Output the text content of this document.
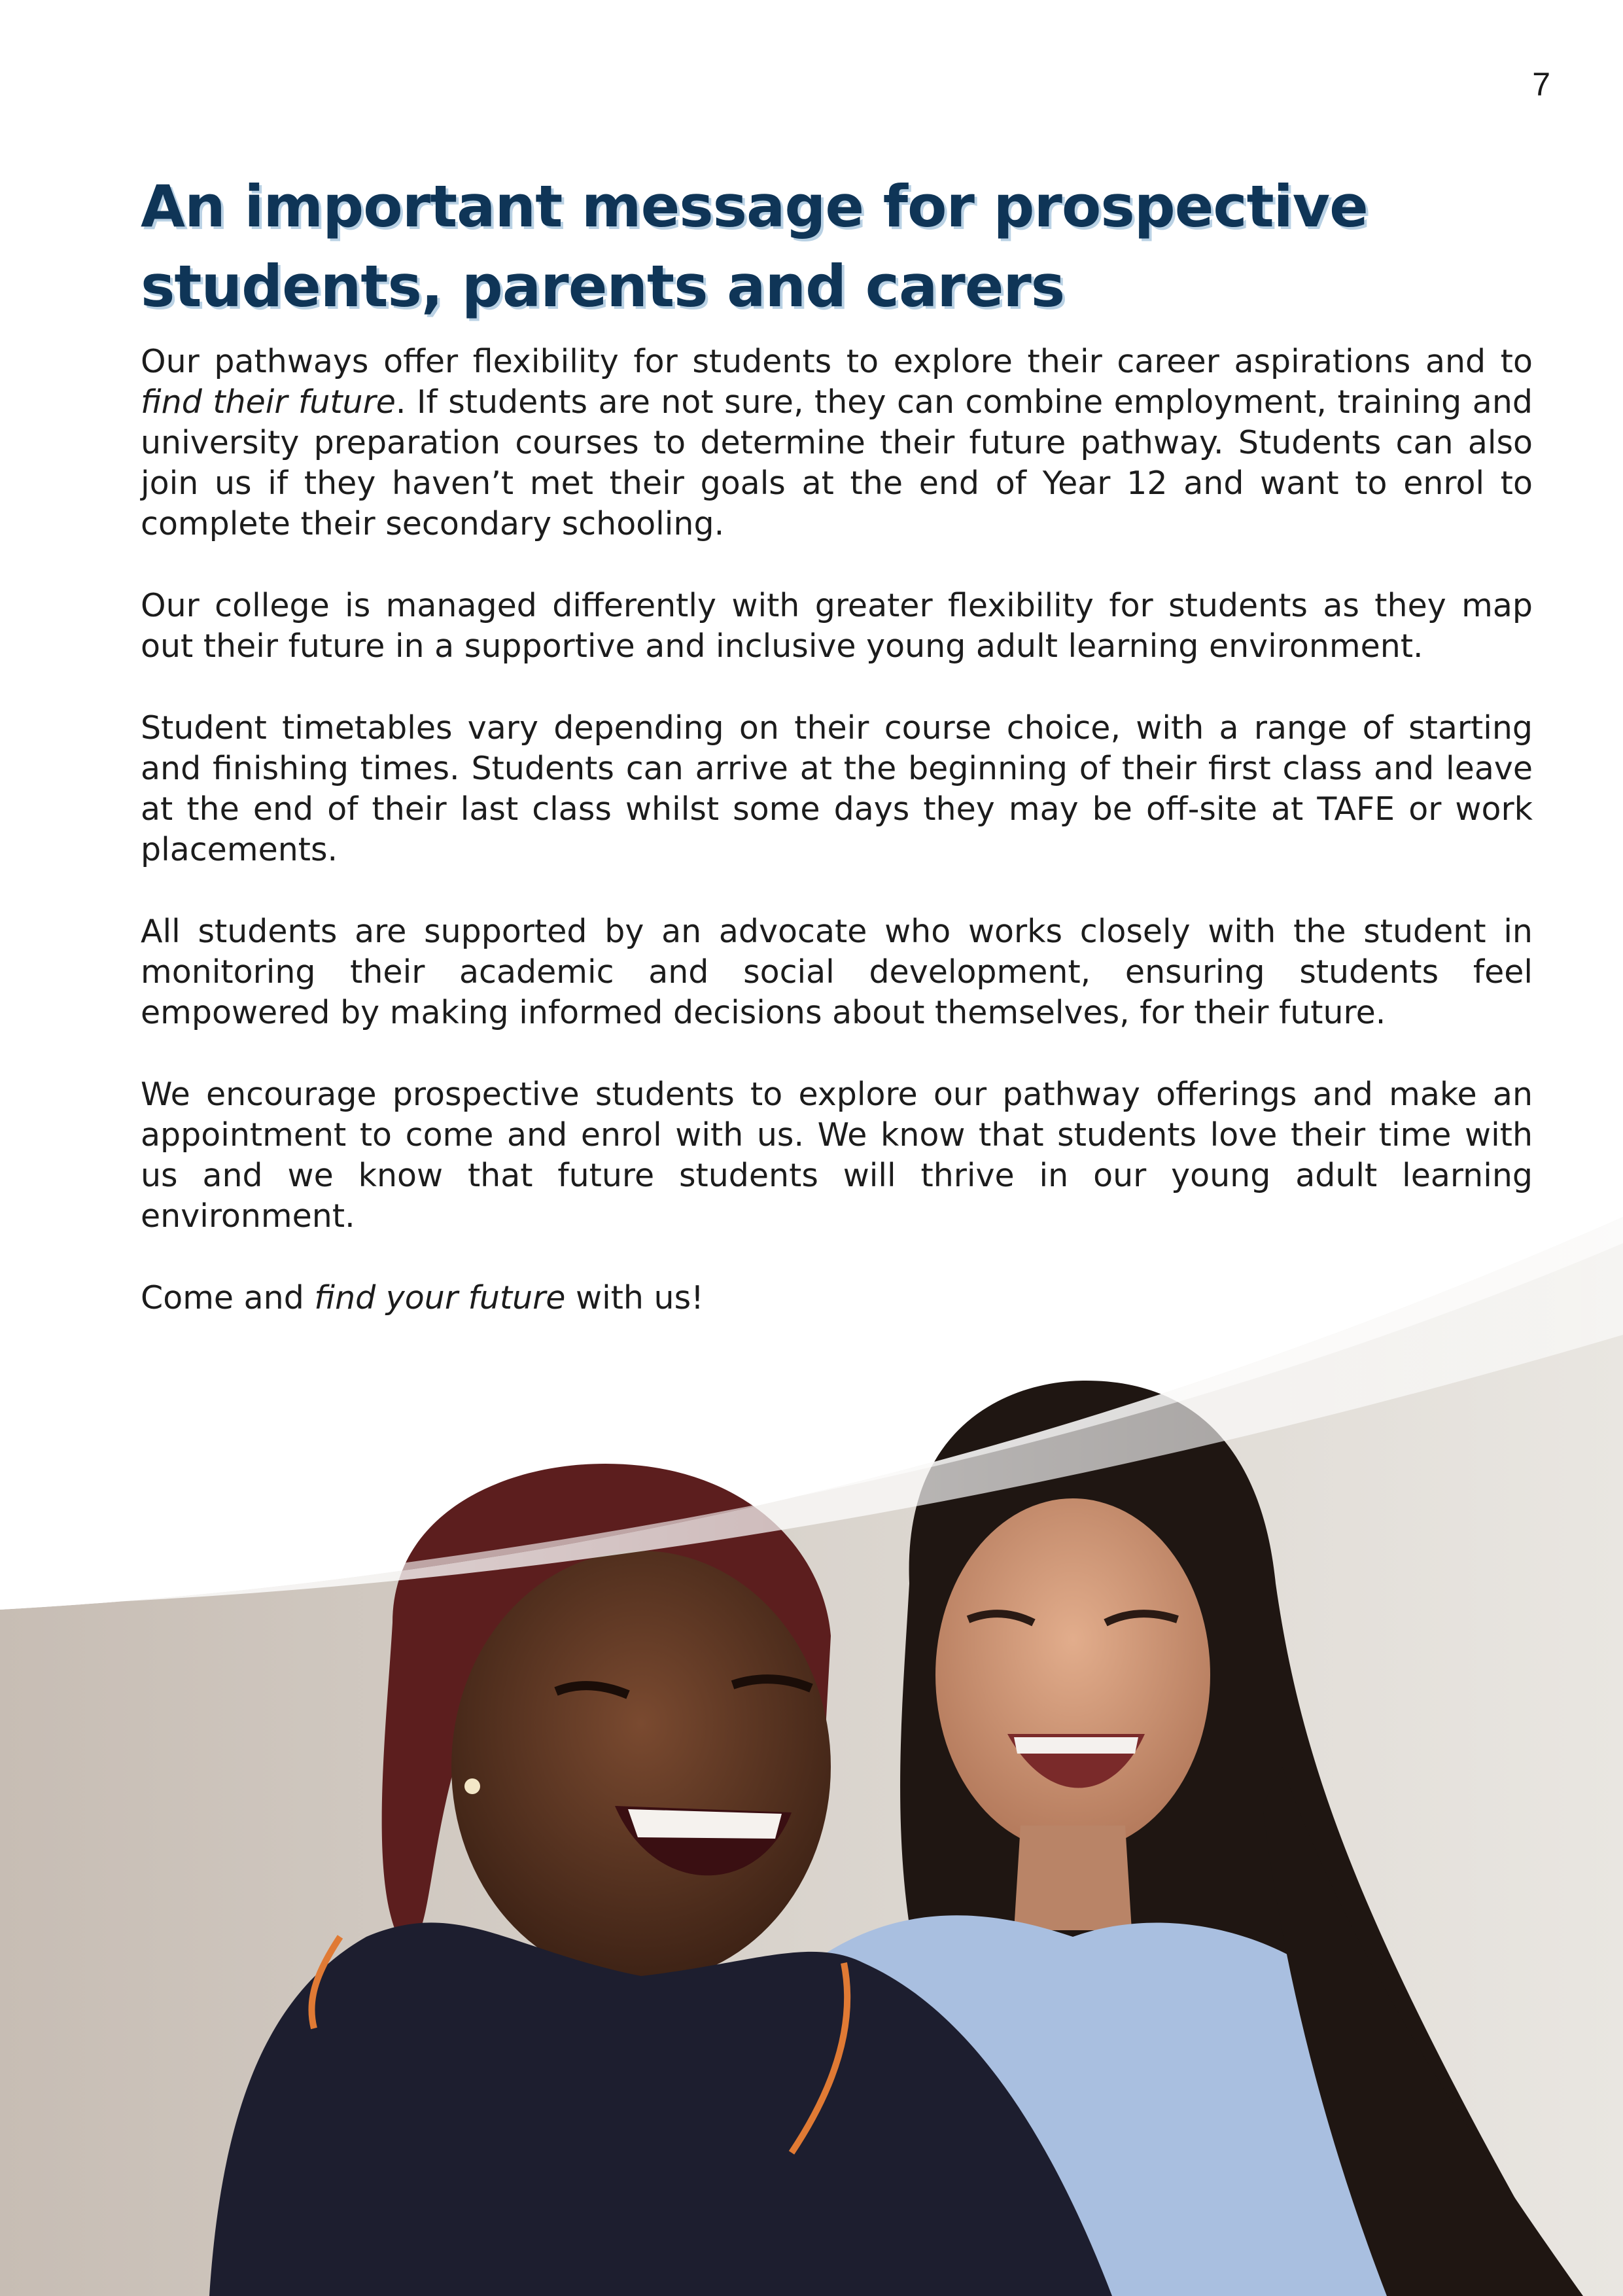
7
An important message for prospective
students, parents and carers

Our pathways offer flexibility for students to explore their career aspirations and to find their future. If students are not sure, they can combine employment, training and university preparation courses to determine their future pathway. Students can also join us if they haven’t met their goals at the end of Year 12 and want to enrol to complete their secondary schooling.

Our college is managed differently with greater flexibility for students as they map out their future in a supportive and inclusive young adult learning environment.

Student timetables vary depending on their course choice, with a range of starting and finishing times. Students can arrive at the beginning of their first class and leave at the end of their last class whilst some days they may be off-site at TAFE or work placements.

All students are supported by an advocate who works closely with the student in monitoring their academic and social development, ensuring students feel empowered by making informed decisions about themselves, for their future.

We encourage prospective students to explore our pathway offerings and make an appointment to come and enrol with us. We know that students love their time with us and we know that future students will thrive in our young adult learning environment.

Come and find your future with us!
